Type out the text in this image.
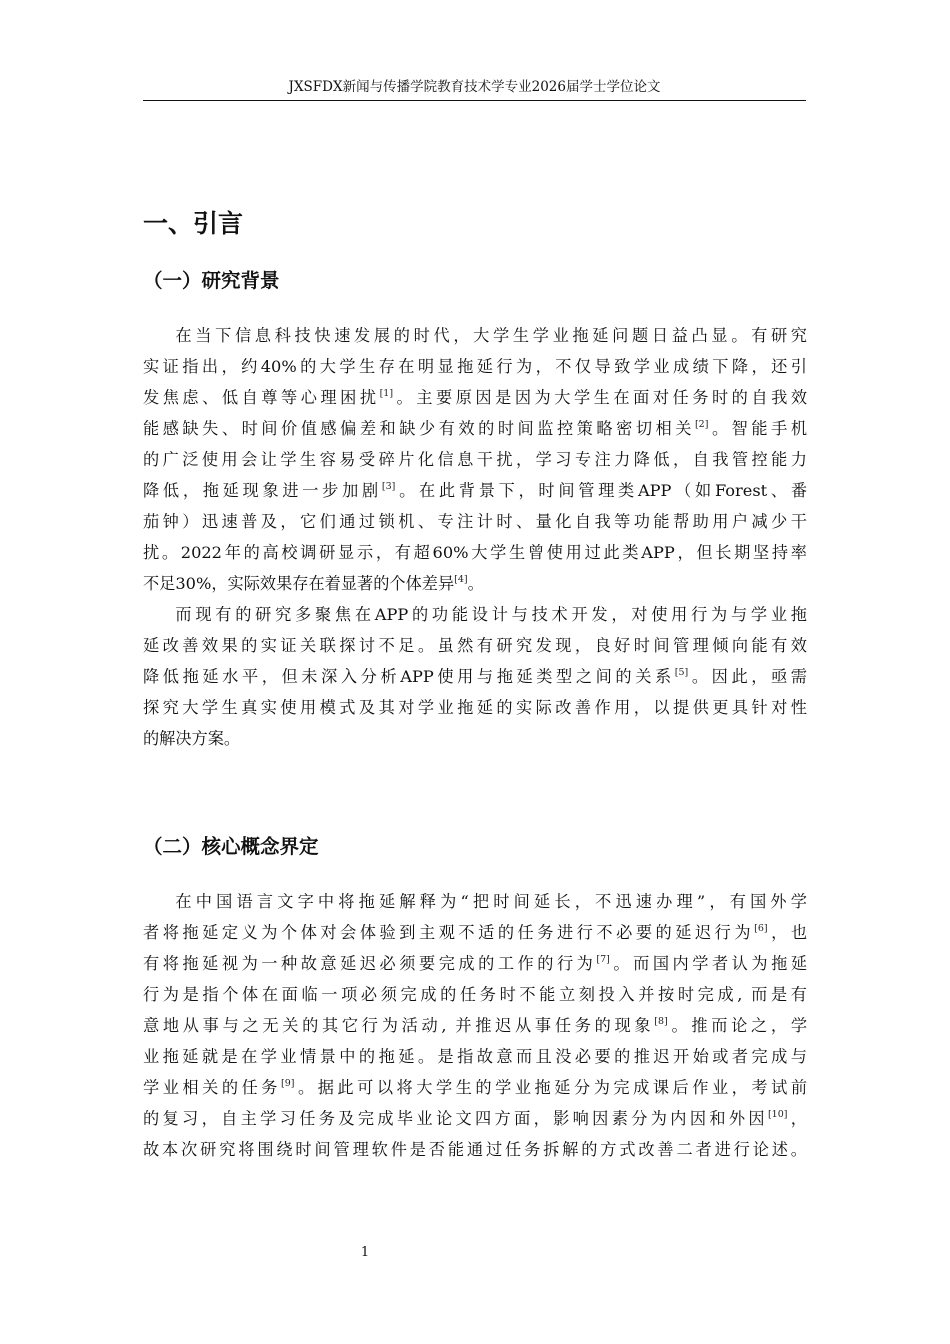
JXSFDX新闻与传播学院教育技术学专业2026届学士学位论文
一、引言
（一）研究背景
在当下信息科技快速发展的时代，大学生学业拖延问题日益凸显。有研究
实证指出，约40%的大学生存在明显拖延行为，不仅导致学业成绩下降，还引
发焦虑、低自尊等心理困扰[1]。主要原因是因为大学生在面对任务时的自我效
能感缺失、时间价值感偏差和缺少有效的时间监控策略密切相关[2]。智能手机
的广泛使用会让学生容易受碎片化信息干扰，学习专注力降低，自我管控能力
降低，拖延现象进一步加剧[3]。在此背景下，时间管理类APP（如Forest、番
茄钟）迅速普及，它们通过锁机、专注计时、量化自我等功能帮助用户减少干
扰。2022年的高校调研显示，有超60%大学生曾使用过此类APP，但长期坚持率
不足30%，实际效果存在着显著的个体差异[4]。
而现有的研究多聚焦在APP的功能设计与技术开发，对使用行为与学业拖
延改善效果的实证关联探讨不足。虽然有研究发现，良好时间管理倾向能有效
降低拖延水平，但未深入分析APP使用与拖延类型之间的关系[5]。因此，亟需
探究大学生真实使用模式及其对学业拖延的实际改善作用，以提供更具针对性
的解决方案。
（二）核心概念界定
在中国语言文字中将拖延解释为“把时间延长，不迅速办理”，有国外学
者将拖延定义为个体对会体验到主观不适的任务进行不必要的延迟行为[6]，也
有将拖延视为一种故意延迟必须要完成的工作的行为[7]。而国内学者认为拖延
行为是指个体在面临一项必须完成的任务时不能立刻投入并按时完成, 而是有
意地从事与之无关的其它行为活动, 并推迟从事任务的现象[8]。推而论之，学
业拖延就是在学业情景中的拖延。是指故意而且没必要的推迟开始或者完成与
学业相关的任务[9]。据此可以将大学生的学业拖延分为完成课后作业，考试前
的复习，自主学习任务及完成毕业论文四方面，影响因素分为内因和外因[10]，
故本次研究将围绕时间管理软件是否能通过任务拆解的方式改善二者进行论述。
1
